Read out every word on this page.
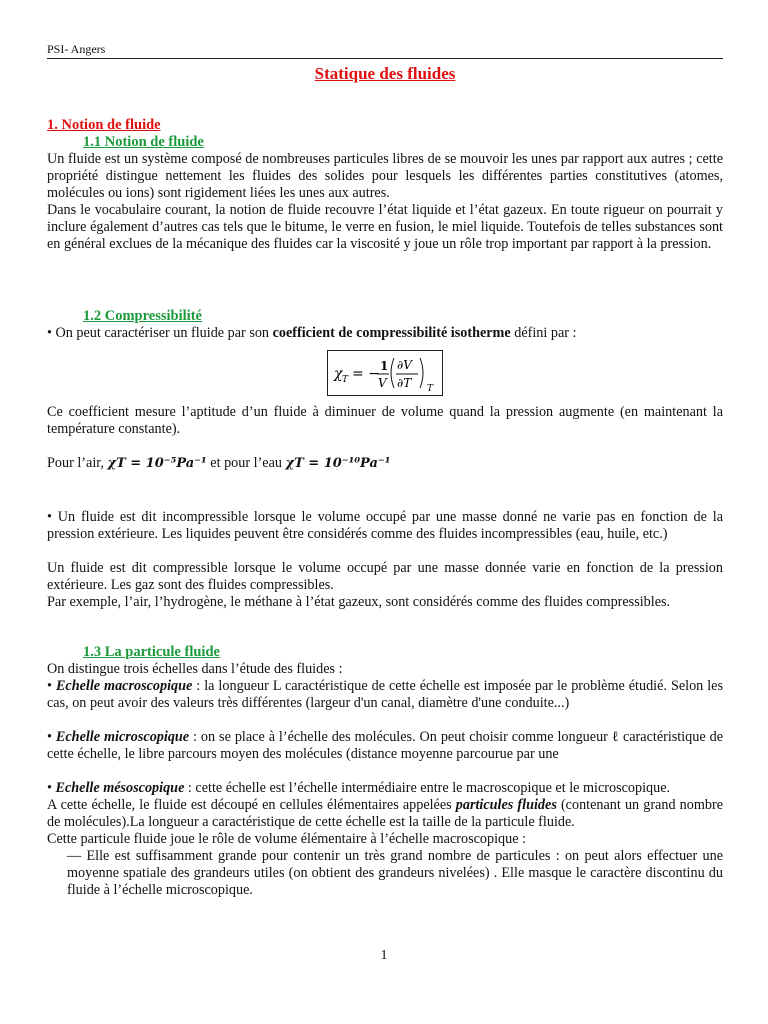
PSI- Angers
Statique des fluides
1. Notion de fluide
1.1 Notion de fluide

Un fluide est un système composé de nombreuses particules libres de se mouvoir les unes par rapport aux autres ; cette propriété distingue nettement les fluides des solides pour lesquels les différentes parties constitutives (atomes, molécules ou ions) sont rigidement liées les unes aux autres.

Dans le vocabulaire courant, la notion de fluide recouvre l’état liquide et l’état gazeux. En toute rigueur on pourrait y inclure également d’autres cas tels que le bitume, le verre en fusion, le miel liquide. Toutefois de telles substances sont en général exclues de la mécanique des fluides car la viscosité y joue un rôle trop important par rapport à la pression.

1.2 Compressibilité

• On peut caractériser un fluide par son coefficient de compressibilité isotherme défini par :

χ T = − 1
V
∂V
∂T T

Ce coefficient mesure l’aptitude d’un fluide à diminuer de volume quand la pression augmente (en maintenant la température constante).

Pour l’air, χT = 10⁻⁵Pa⁻¹ et pour l’eau χT = 10⁻¹⁰Pa⁻¹

• Un fluide est dit incompressible lorsque le volume occupé par une masse donné ne varie pas en fonction de la pression extérieure. Les liquides peuvent être considérés comme des fluides incompressibles (eau, huile, etc.)

Un fluide est dit compressible lorsque le volume occupé par une masse donnée varie en fonction de la pression extérieure. Les gaz sont des fluides compressibles.

Par exemple, l’air, l’hydrogène, le méthane à l’état gazeux, sont considérés comme des fluides compressibles.

1.3 La particule fluide

On distingue trois échelles dans l’étude des fluides :

• Echelle macroscopique : la longueur L caractéristique de cette échelle est imposée par le problème étudié. Selon les cas, on peut avoir des valeurs très différentes (largeur d'un canal, diamètre d'une conduite...)

• Echelle microscopique : on se place à l’échelle des molécules. On peut choisir comme longueur ℓ caractéristique de cette échelle, le libre parcours moyen des molécules (distance moyenne parcourue par une

• Echelle mésoscopique : cette échelle est l’échelle intermédiaire entre le macroscopique et le microscopique.

A cette échelle, le fluide est découpé en cellules élémentaires appelées particules fluides (contenant un grand nombre de molécules).La longueur a caractéristique de cette échelle est la taille de la particule fluide.

Cette particule fluide joue le rôle de volume élémentaire à l’échelle macroscopique :

— Elle est suffisamment grande pour contenir un très grand nombre de particules : on peut alors effectuer une moyenne spatiale des grandeurs utiles (on obtient des grandeurs nivelées) . Elle masque le caractère discontinu du fluide à l’échelle microscopique.

1
